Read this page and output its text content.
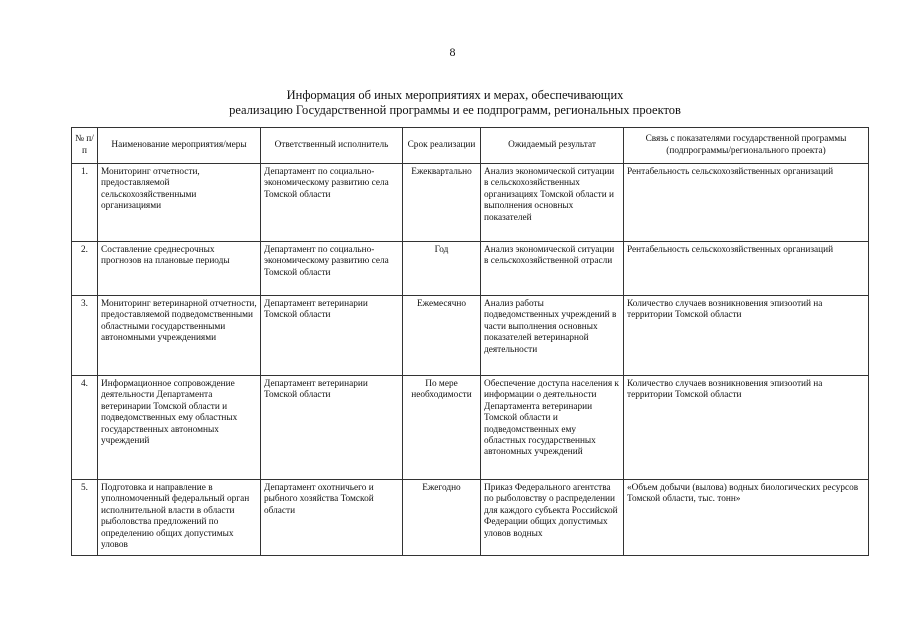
8
Информация об иных мероприятиях и мерах, обеспечивающих
реализацию Государственной программы и ее подпрограмм, региональных проектов
№ п/п	Наименование мероприятия/меры	Ответственный исполнитель	Срок реализации	Ожидаемый результат	Связь с показателями государственной программы (подпрограммы/регионального проекта)
1.	Мониторинг отчетности, предоставляемой сельскохозяйственными организациями	Департамент по социально-экономическому развитию села Томской области	Ежеквартально	Анализ экономической ситуации в сельскохозяйственных организациях Томской области и выполнения основных показателей	Рентабельность сельскохозяйственных организаций
2.	Составление среднесрочных прогнозов на плановые периоды	Департамент по социально-экономическому развитию села Томской области	Год	Анализ экономической ситуации в сельскохозяйственной отрасли	Рентабельность сельскохозяйственных организаций
3.	Мониторинг ветеринарной отчетности, предоставляемой подведомственными областными государственными автономными учреждениями	Департамент ветеринарии Томской области	Ежемесячно	Анализ работы подведомственных учреждений в части выполнения основных показателей ветеринарной деятельности	Количество случаев возникновения эпизоотий на территории Томской области
4.	Информационное сопровождение деятельности Департамента ветеринарии Томской области и подведомственных ему областных государственных автономных учреждений	Департамент ветеринарии Томской области	По мере необходимости	Обеспечение доступа населения к информации о деятельности Департамента ветеринарии Томской области и подведомственных ему областных государственных автономных учреждений	Количество случаев возникновения эпизоотий на территории Томской области
5.	Подготовка и направление в уполномоченный федеральный орган исполнительной власти в области рыболовства предложений по определению общих допустимых уловов	Департамент охотничьего и рыбного хозяйства Томской области	Ежегодно	Приказ Федерального агентства по рыболовству о распределении для каждого субъекта Российской Федерации общих допустимых уловов водных	«Объем добычи (вылова) водных биологических ресурсов Томской области, тыс. тонн»
